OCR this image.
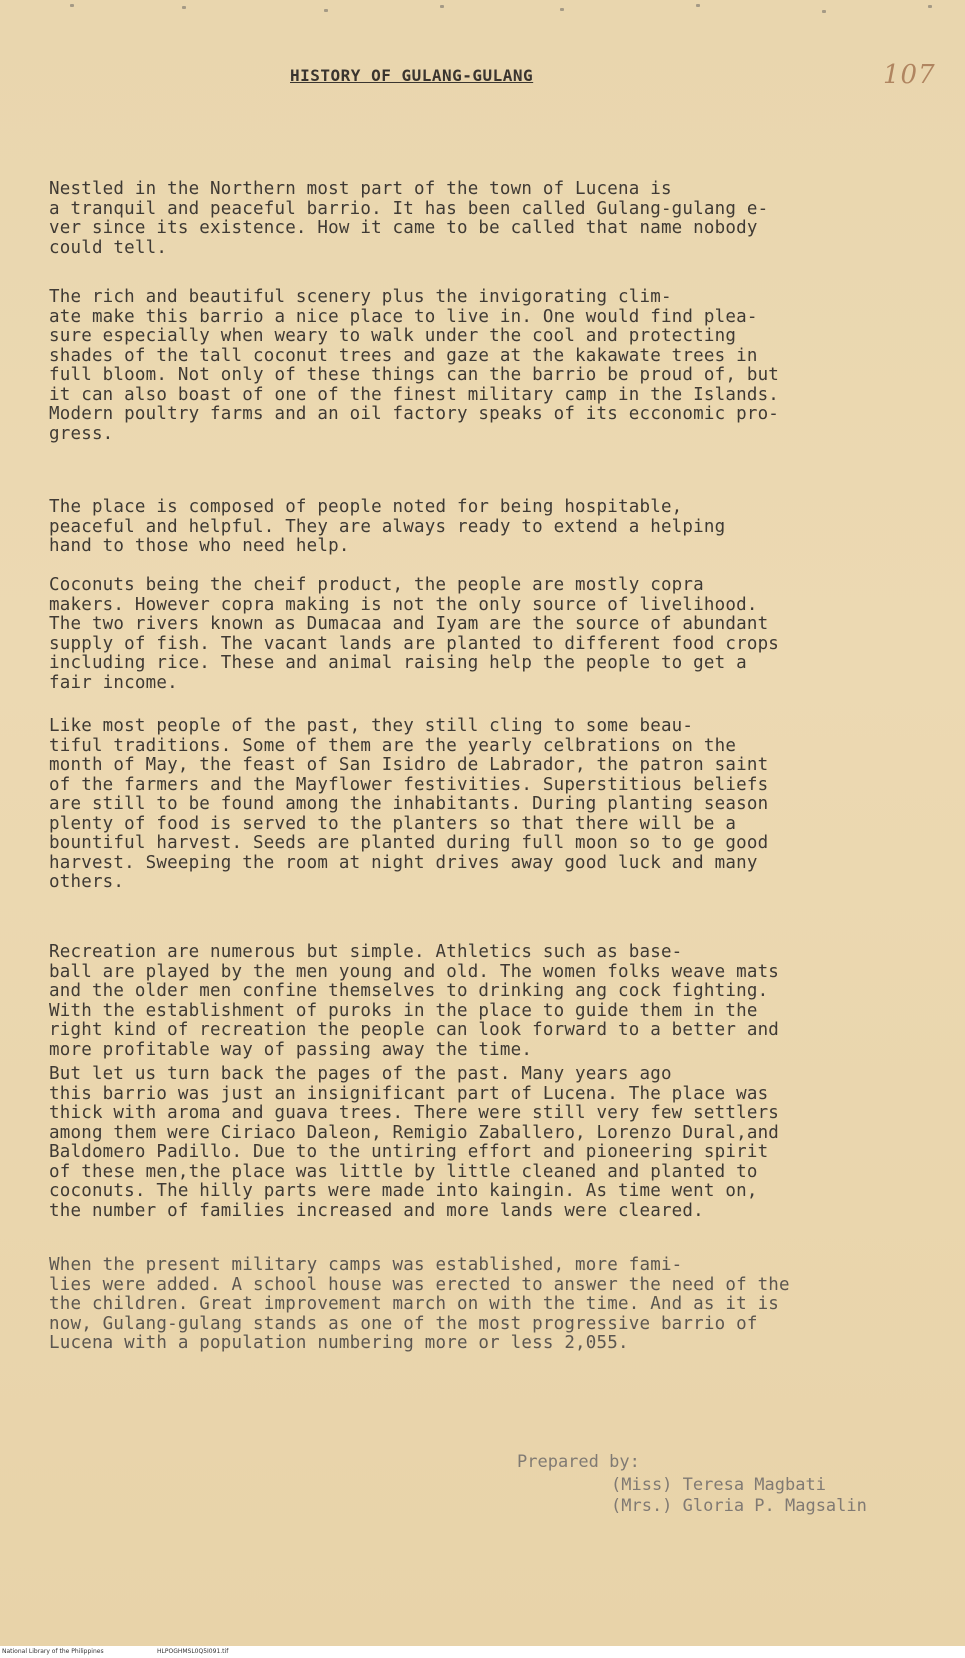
107
HISTORY OF GULANG-GULANG
Nestled in the Northern most part of the town of Lucena is
a tranquil and peaceful barrio. It has been called Gulang-gulang e-
ver since its existence. How it came to be called that name nobody
could tell.
The rich and beautiful scenery plus the invigorating clim-
ate make this barrio a nice place to live in. One would find plea-
sure especially when weary to walk under the cool and protecting
shades of the tall coconut trees and gaze at the kakawate trees in
full bloom. Not only of these things can the barrio be proud of, but
it can also boast of one of the finest military camp in the Islands.
Modern poultry farms and an oil factory speaks of its ecconomic pro-
gress.
The place is composed of people noted for being hospitable,
peaceful and helpful. They are always ready to extend a helping
hand to those who need help.
Coconuts being the cheif product, the people are mostly copra
makers. However copra making is not the only source of livelihood.
The two rivers known as Dumacaa and Iyam are the source of abundant
supply of fish. The vacant lands are planted to different food crops
including rice. These and animal raising help the people to get a
fair income.
Like most people of the past, they still cling to some beau-
tiful traditions. Some of them are the yearly celbrations on the
month of May, the feast of San Isidro de Labrador, the patron saint
of the farmers and the Mayflower festivities. Superstitious beliefs
are still to be found among the inhabitants. During planting season
plenty of food is served to the planters so that there will be a
bountiful harvest. Seeds are planted during full moon so to ge good
harvest. Sweeping the room at night drives away good luck and many
others.
Recreation are numerous but simple. Athletics such as base-
ball are played by the men young and old. The women folks weave mats
and the older men confine themselves to drinking ang cock fighting.
With the establishment of puroks in the place to guide them in the
right kind of recreation the people can look forward to a better and
more profitable way of passing away the time.
But let us turn back the pages of the past. Many years ago
this barrio was just an insignificant part of Lucena. The place was
thick with aroma and guava trees. There were still very few settlers
among them were Ciriaco Daleon, Remigio Zaballero, Lorenzo Dural,and
Baldomero Padillo. Due to the untiring effort and pioneering spirit
of these men,the place was little by little cleaned and planted to
coconuts. The hilly parts were made into kaingin. As time went on,
the number of families increased and more lands were cleared.
When the present military camps was established, more fami-
lies were added. A school house was erected to answer the need of the
the children. Great improvement march on with the time. And as it is
now, Gulang-gulang stands as one of the most progressive barrio of
Lucena with a population numbering more or less 2,055.
Prepared by:
(Miss) Teresa Magbati
(Mrs.) Gloria P. Magsalin
National Library of the Philippines	HLPOGHMSL0Q5I091.tif
